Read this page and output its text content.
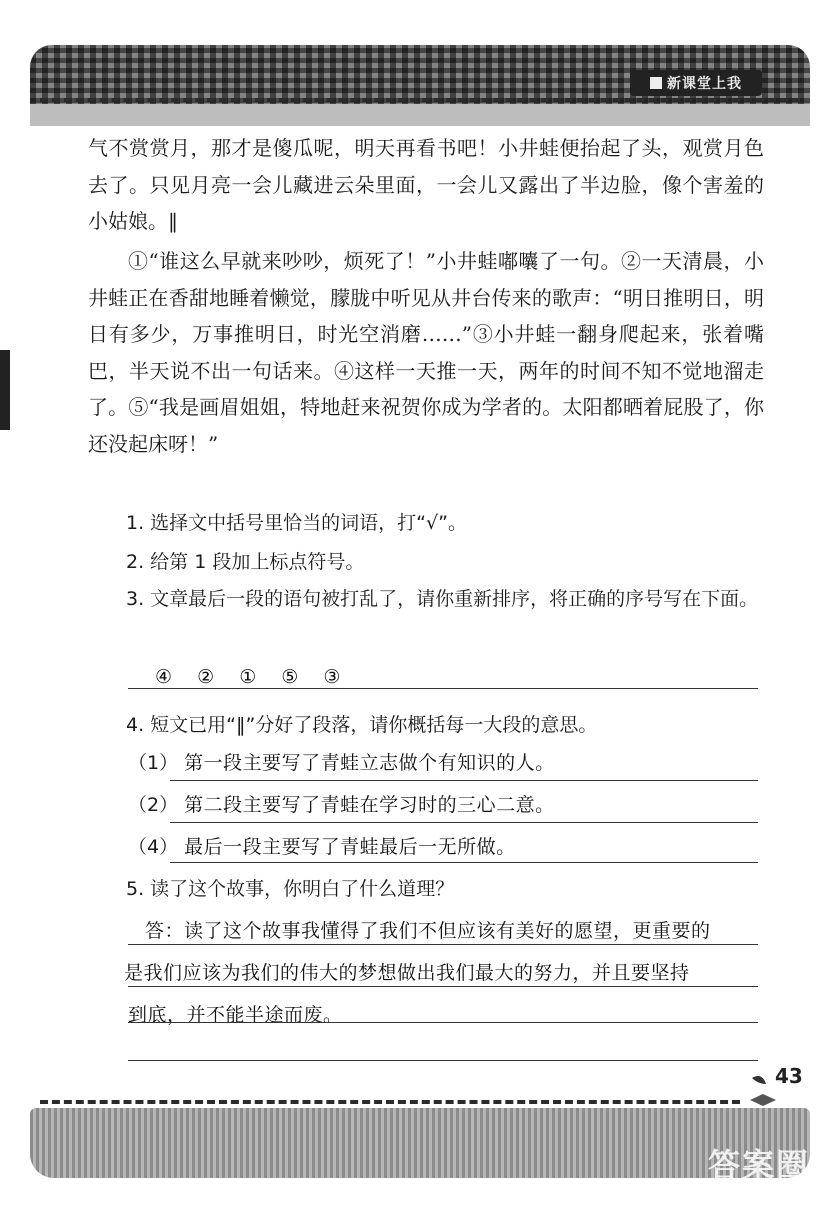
新课堂上我

气不赏赏月，那才是傻瓜呢，明天再看书吧！小井蛙便抬起了头，观赏月色去了。只见月亮一会儿藏进云朵里面，一会儿又露出了半边脸，像个害羞的小姑娘。‖

①“谁这么早就来吵吵，烦死了！”小井蛙嘟囔了一句。②一天清晨，小井蛙正在香甜地睡着懒觉，朦胧中听见从井台传来的歌声：“明日推明日，明日有多少，万事推明日，时光空消磨……”③小井蛙一翻身爬起来，张着嘴巴，半天说不出一句话来。④这样一天推一天，两年的时间不知不觉地溜走了。⑤“我是画眉姐姐，特地赶来祝贺你成为学者的。太阳都晒着屁股了，你还没起床呀！”

1. 选择文中括号里恰当的词语，打“√”。
2. 给第 1 段加上标点符号。
3. 文章最后一段的语句被打乱了，请你重新排序，将正确的序号写在下面。
④ ② ① ⑤ ③
4. 短文已用“‖”分好了段落，请你概括每一大段的意思。
（1） 第一段主要写了青蛙立志做个有知识的人。
（2） 第二段主要写了青蛙在学习时的三心二意。
（4） 最后一段主要写了青蛙最后一无所做。
5. 读了这个故事，你明白了什么道理？
答：读了这个故事我懂得了我们不但应该有美好的愿望，更重要的
是我们应该为我们的伟大的梦想做出我们最大的努力，并且要坚持
到底，并不能半途而废。
43
答案圈
MXQE.COM
